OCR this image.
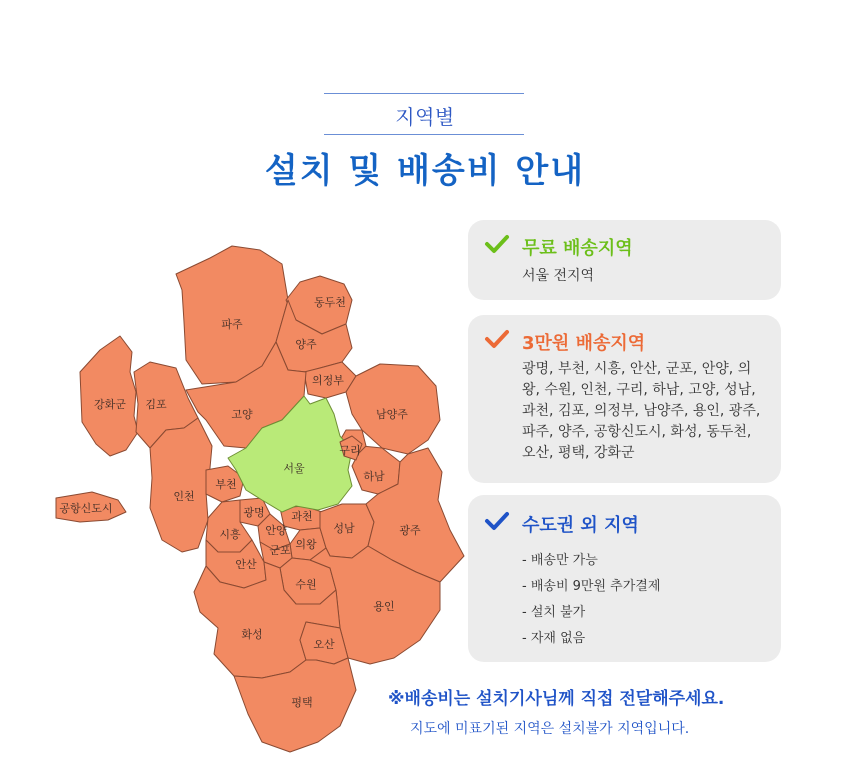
지역별
설치 및 배송비 안내
강화군
공항신도시
김포
파주
동두천
양주
의정부
고양	남양주
서울
구리
하남
인천
부천
광명
시흥
과천
안양
군포 의왕
성남	광주
안산
수원
용인
화성
오산
평택
무료 배송지역
서울 전지역
3만원 배송지역
광명, 부천, 시흥, 안산, 군포, 안양, 의왕, 수원, 인천, 구리, 하남, 고양, 성남, 과천, 김포, 의정부, 남양주, 용인, 광주, 파주, 양주, 공항신도시, 화성, 동두천, 오산, 평택, 강화군
수도권 외 지역
- 배송만 가능
- 배송비 9만원 추가결제
- 설치 불가
- 자재 없음
※배송비는 설치기사님께 직접 전달해주세요.
지도에 미표기된 지역은 설치불가 지역입니다.
